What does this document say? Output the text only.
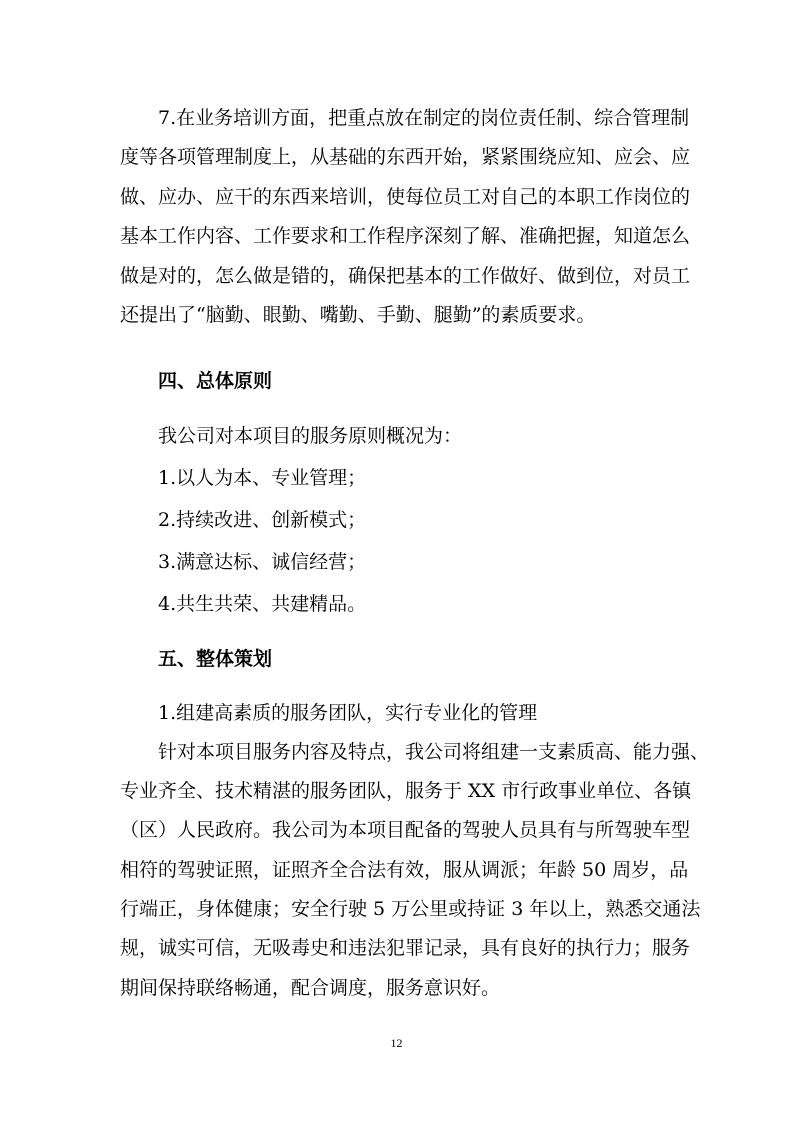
7.在业务培训方面，把重点放在制定的岗位责任制、综合管理制
度等各项管理制度上，从基础的东西开始，紧紧围绕应知、应会、应
做、应办、应干的东西来培训，使每位员工对自己的本职工作岗位的
基本工作内容、工作要求和工作程序深刻了解、准确把握，知道怎么
做是对的，怎么做是错的，确保把基本的工作做好、做到位，对员工
还提出了“脑勤、眼勤、嘴勤、手勤、腿勤”的素质要求。
四、总体原则
我公司对本项目的服务原则概况为：
1.以人为本、专业管理；
2.持续改进、创新模式；
3.满意达标、诚信经营；
4.共生共荣、共建精品。
五、整体策划
1.组建高素质的服务团队，实行专业化的管理
针对本项目服务内容及特点，我公司将组建一支素质高、能力强、
专业齐全、技术精湛的服务团队，服务于 XX 市行政事业单位、各镇
（区）人民政府。我公司为本项目配备的驾驶人员具有与所驾驶车型
相符的驾驶证照，证照齐全合法有效，服从调派；年龄 50 周岁，品
行端正，身体健康；安全行驶 5 万公里或持证 3 年以上，熟悉交通法
规，诚实可信，无吸毒史和违法犯罪记录，具有良好的执行力；服务
期间保持联络畅通，配合调度，服务意识好。
12
